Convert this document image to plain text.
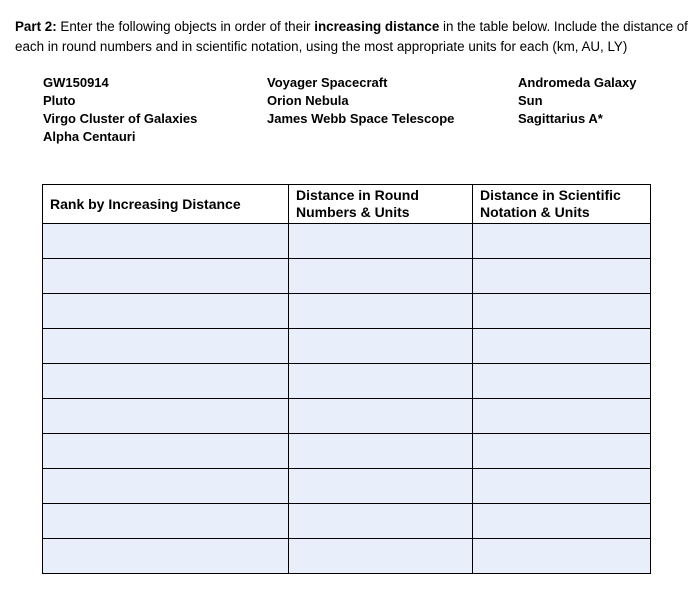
Part 2: Enter the following objects in order of their increasing distance in the table below. Include the distance of each in round numbers and in scientific notation, using the most appropriate units for each (km, AU, LY)
GW150914
Pluto
Virgo Cluster of Galaxies
Alpha Centauri
Voyager Spacecraft
Orion Nebula
James Webb Space Telescope
Andromeda Galaxy
Sun
Sagittarius A*
Rank by Increasing Distance	Distance in Round Numbers & Units	Distance in Scientific Notation & Units
